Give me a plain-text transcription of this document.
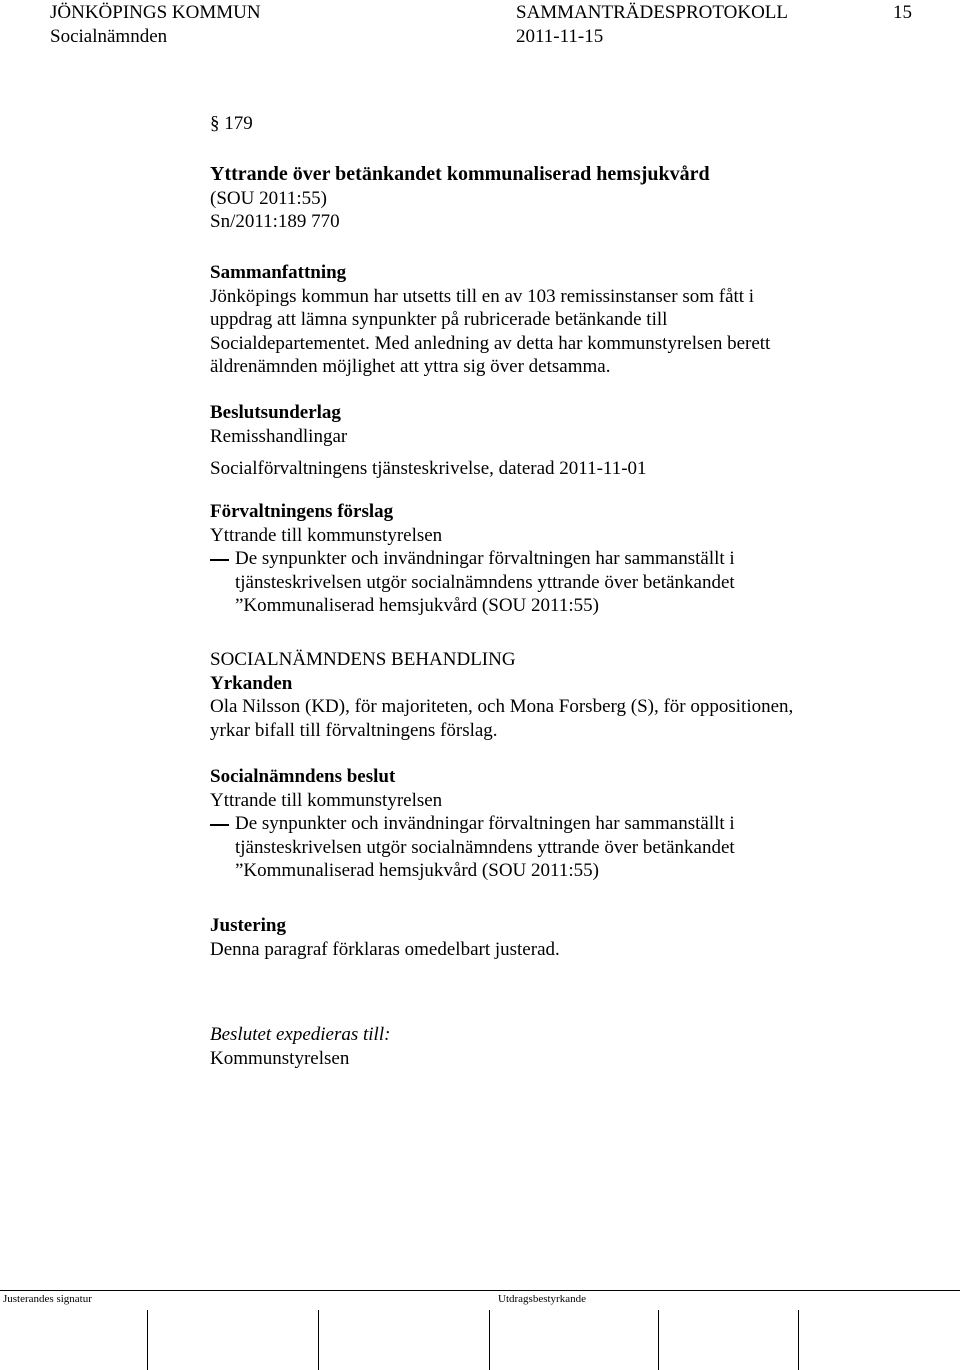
JÖNKÖPINGS KOMMUN	SAMMANTRÄDESPROTOKOLL	15
Socialnämnden	2011-11-15
§ 179
Yttrande över betänkandet kommunaliserad hemsjukvård
(SOU 2011:55)
Sn/2011:189 770
Sammanfattning
Jönköpings kommun har utsetts till en av 103 remissinstanser som fått i
uppdrag att lämna synpunkter på rubricerade betänkande till
Socialdepartementet. Med anledning av detta har kommunstyrelsen berett
äldrenämnden möjlighet att yttra sig över detsamma.
Beslutsunderlag
Remisshandlingar
Socialförvaltningens tjänsteskrivelse, daterad 2011-11-01
Förvaltningens förslag
Yttrande till kommunstyrelsen
De synpunkter och invändningar förvaltningen har sammanställt i
tjänsteskrivelsen utgör socialnämndens yttrande över betänkandet
”Kommunaliserad hemsjukvård (SOU 2011:55)
SOCIALNÄMNDENS BEHANDLING
Yrkanden
Ola Nilsson (KD), för majoriteten, och Mona Forsberg (S), för oppositionen,
yrkar bifall till förvaltningens förslag.
Socialnämndens beslut
Yttrande till kommunstyrelsen
De synpunkter och invändningar förvaltningen har sammanställt i
tjänsteskrivelsen utgör socialnämndens yttrande över betänkandet
”Kommunaliserad hemsjukvård (SOU 2011:55)
Justering
Denna paragraf förklaras omedelbart justerad.
Beslutet expedieras till:
Kommunstyrelsen
Justerandes signatur	Utdragsbestyrkande
